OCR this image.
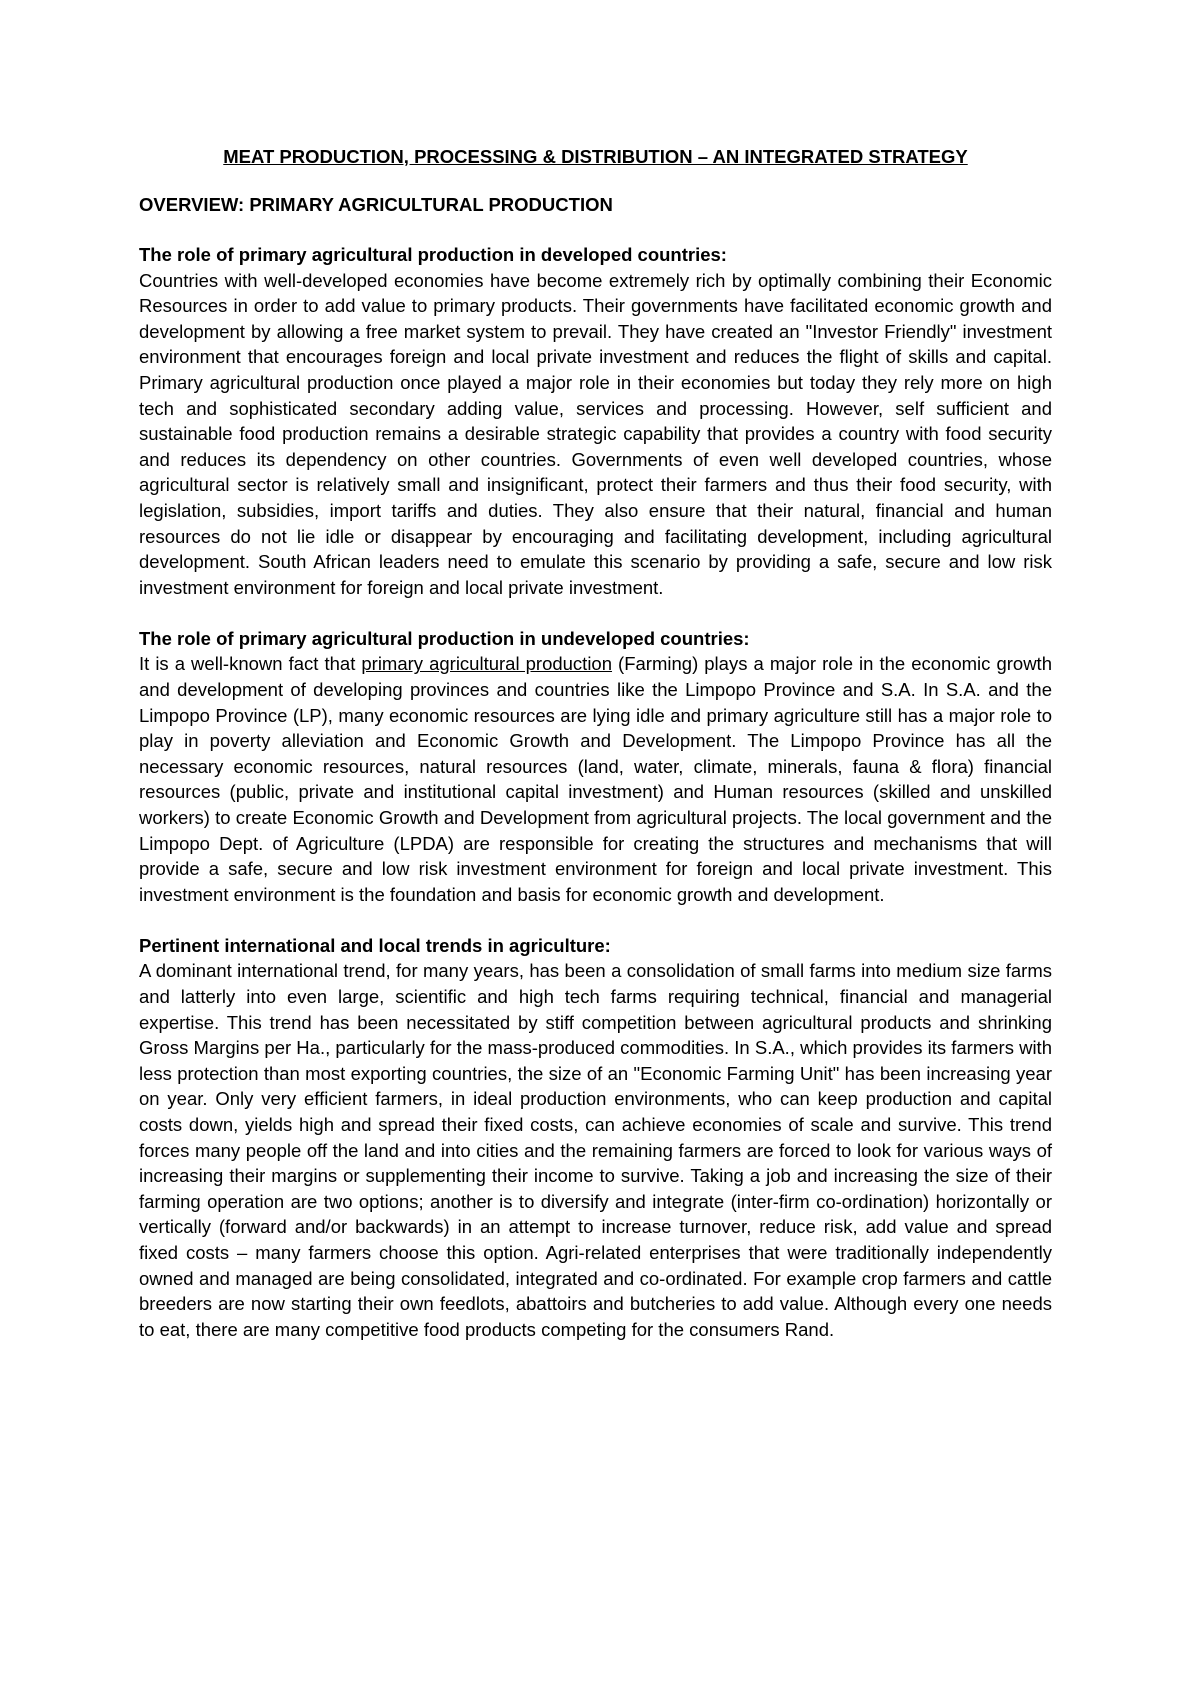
MEAT PRODUCTION, PROCESSING & DISTRIBUTION – AN INTEGRATED STRATEGY
OVERVIEW: PRIMARY AGRICULTURAL PRODUCTION

The role of primary agricultural production in developed countries:

Countries with well-developed economies have become extremely rich by optimally combining their Economic Resources in order to add value to primary products. Their governments have facilitated economic growth and development by allowing a free market system to prevail. They have created an "Investor Friendly" investment environment that encourages foreign and local private investment and reduces the flight of skills and capital. Primary agricultural production once played a major role in their economies but today they rely more on high tech and sophisticated secondary adding value, services and processing. However, self sufficient and sustainable food production remains a desirable strategic capability that provides a country with food security and reduces its dependency on other countries. Governments of even well developed countries, whose agricultural sector is relatively small and insignificant, protect their farmers and thus their food security, with legislation, subsidies, import tariffs and duties. They also ensure that their natural, financial and human resources do not lie idle or disappear by encouraging and facilitating development, including agricultural development. South African leaders need to emulate this scenario by providing a safe, secure and low risk investment environment for foreign and local private investment.

The role of primary agricultural production in undeveloped countries:

It is a well-known fact that primary agricultural production (Farming) plays a major role in the economic growth and development of developing provinces and countries like the Limpopo Province and S.A. In S.A. and the Limpopo Province (LP), many economic resources are lying idle and primary agriculture still has a major role to play in poverty alleviation and Economic Growth and Development. The Limpopo Province has all the necessary economic resources, natural resources (land, water, climate, minerals, fauna & flora) financial resources (public, private and institutional capital investment) and Human resources (skilled and unskilled workers) to create Economic Growth and Development from agricultural projects. The local government and the Limpopo Dept. of Agriculture (LPDA) are responsible for creating the structures and mechanisms that will provide a safe, secure and low risk investment environment for foreign and local private investment. This investment environment is the foundation and basis for economic growth and development.

Pertinent international and local trends in agriculture:

A dominant international trend, for many years, has been a consolidation of small farms into medium size farms and latterly into even large, scientific and high tech farms requiring technical, financial and managerial expertise. This trend has been necessitated by stiff competition between agricultural products and shrinking Gross Margins per Ha., particularly for the mass-produced commodities. In S.A., which provides its farmers with less protection than most exporting countries, the size of an "Economic Farming Unit" has been increasing year on year. Only very efficient farmers, in ideal production environments, who can keep production and capital costs down, yields high and spread their fixed costs, can achieve economies of scale and survive. This trend forces many people off the land and into cities and the remaining farmers are forced to look for various ways of increasing their margins or supplementing their income to survive. Taking a job and increasing the size of their farming operation are two options; another is to diversify and integrate (inter-firm co-ordination) horizontally or vertically (forward and/or backwards) in an attempt to increase turnover, reduce risk, add value and spread fixed costs – many farmers choose this option. Agri-related enterprises that were traditionally independently owned and managed are being consolidated, integrated and co-ordinated. For example crop farmers and cattle breeders are now starting their own feedlots, abattoirs and butcheries to add value. Although every one needs to eat, there are many competitive food products competing for the consumers Rand.
